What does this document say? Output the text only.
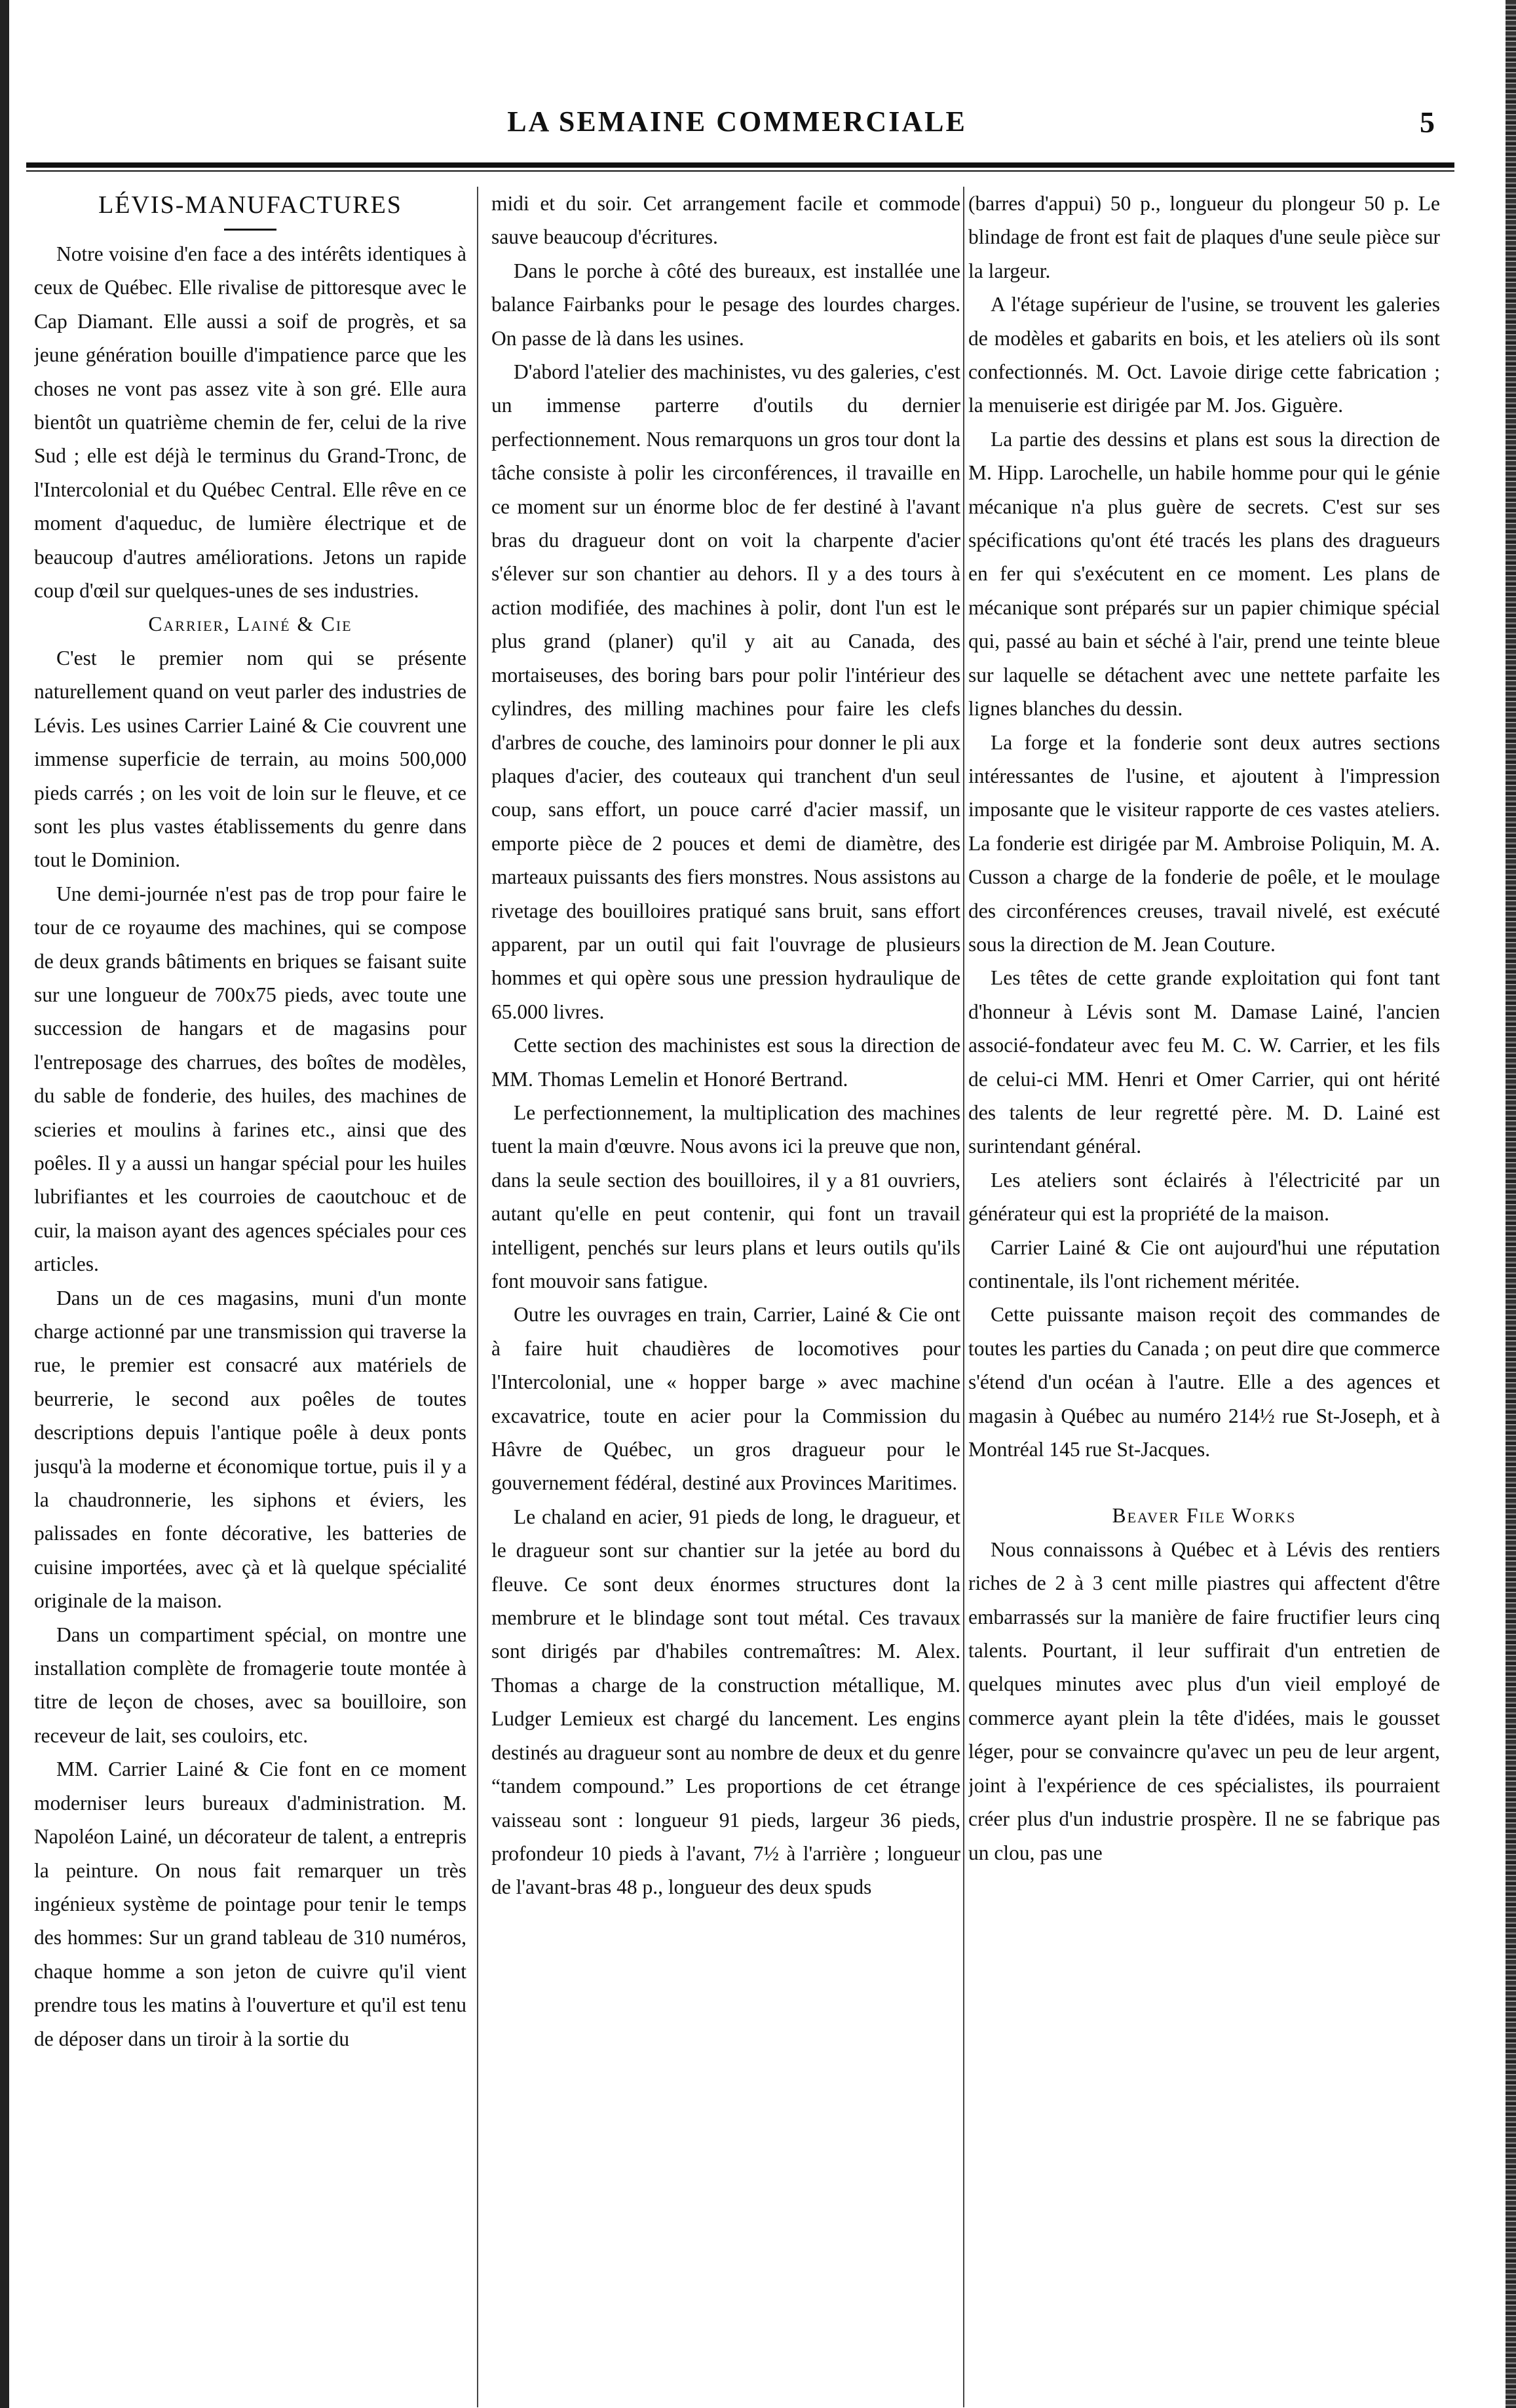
LA SEMAINE COMMERCIALE	5
LÉVIS-MANUFACTURES

Notre voisine d'en face a des intérêts identiques à ceux de Québec. Elle rivalise de pittoresque avec le Cap Diamant. Elle aussi a soif de progrès, et sa jeune génération bouille d'impatience parce que les choses ne vont pas assez vite à son gré. Elle aura bientôt un quatrième chemin de fer, celui de la rive Sud ; elle est déjà le terminus du Grand-Tronc, de l'Intercolonial et du Québec Central. Elle rêve en ce moment d'aqueduc, de lumière électrique et de beaucoup d'autres améliorations. Jetons un rapide coup d'œil sur quelques-unes de ses industries.

Carrier, Lainé & Cie

C'est le premier nom qui se présente naturellement quand on veut parler des industries de Lévis. Les usines Carrier Lainé & Cie couvrent une immense superficie de terrain, au moins 500,000 pieds carrés ; on les voit de loin sur le fleuve, et ce sont les plus vastes établissements du genre dans tout le Dominion.

Une demi-journée n'est pas de trop pour faire le tour de ce royaume des machines, qui se compose de deux grands bâtiments en briques se faisant suite sur une longueur de 700x75 pieds, avec toute une succession de hangars et de magasins pour l'entreposage des charrues, des boîtes de modèles, du sable de fonderie, des huiles, des machines de scieries et moulins à farines etc., ainsi que des poêles. Il y a aussi un hangar spécial pour les huiles lubrifiantes et les courroies de caoutchouc et de cuir, la maison ayant des agences spéciales pour ces articles.

Dans un de ces magasins, muni d'un monte charge actionné par une transmission qui traverse la rue, le premier est consacré aux matériels de beurrerie, le second aux poêles de toutes descriptions depuis l'antique poêle à deux ponts jusqu'à la moderne et économique tortue, puis il y a la chaudronnerie, les siphons et éviers, les palissades en fonte décorative, les batteries de cuisine importées, avec çà et là quelque spécialité originale de la maison.

Dans un compartiment spécial, on montre une installation complète de fromagerie toute montée à titre de leçon de choses, avec sa bouilloire, son receveur de lait, ses couloirs, etc.

MM. Carrier Lainé & Cie font en ce moment moderniser leurs bureaux d'administration. M. Napoléon Lainé, un décorateur de talent, a entrepris la peinture. On nous fait remarquer un très ingénieux système de pointage pour tenir le temps des hommes: Sur un grand tableau de 310 numéros, chaque homme a son jeton de cuivre qu'il vient prendre tous les matins à l'ouverture et qu'il est tenu de déposer dans un tiroir à la sortie du

midi et du soir. Cet arrangement facile et commode sauve beaucoup d'écritures.

Dans le porche à côté des bureaux, est installée une balance Fairbanks pour le pesage des lourdes charges. On passe de là dans les usines.

D'abord l'atelier des machinistes, vu des galeries, c'est un immense parterre d'outils du dernier perfectionnement. Nous remarquons un gros tour dont la tâche consiste à polir les circonférences, il travaille en ce moment sur un énorme bloc de fer destiné à l'avant bras du dragueur dont on voit la charpente d'acier s'élever sur son chantier au dehors. Il y a des tours à action modifiée, des machines à polir, dont l'un est le plus grand (planer) qu'il y ait au Canada, des mortaiseuses, des boring bars pour polir l'intérieur des cylindres, des milling machines pour faire les clefs d'arbres de couche, des laminoirs pour donner le pli aux plaques d'acier, des couteaux qui tranchent d'un seul coup, sans effort, un pouce carré d'acier massif, un emporte pièce de 2 pouces et demi de diamètre, des marteaux puissants des fiers monstres. Nous assistons au rivetage des bouilloires pratiqué sans bruit, sans effort apparent, par un outil qui fait l'ouvrage de plusieurs hommes et qui opère sous une pression hydraulique de 65.000 livres.

Cette section des machinistes est sous la direction de MM. Thomas Lemelin et Honoré Bertrand.

Le perfectionnement, la multiplication des machines tuent la main d'œuvre. Nous avons ici la preuve que non, dans la seule section des bouilloires, il y a 81 ouvriers, autant qu'elle en peut contenir, qui font un travail intelligent, penchés sur leurs plans et leurs outils qu'ils font mouvoir sans fatigue.

Outre les ouvrages en train, Carrier, Lainé & Cie ont à faire huit chaudières de locomotives pour l'Intercolonial, une « hopper barge » avec machine excavatrice, toute en acier pour la Commission du Hâvre de Québec, un gros dragueur pour le gouvernement fédéral, destiné aux Provinces Maritimes.

Le chaland en acier, 91 pieds de long, le dragueur, et le dragueur sont sur chantier sur la jetée au bord du fleuve. Ce sont deux énormes structures dont la membrure et le blindage sont tout métal. Ces travaux sont dirigés par d'habiles contremaîtres: M. Alex. Thomas a charge de la construction métallique, M. Ludger Lemieux est chargé du lancement. Les engins destinés au dragueur sont au nombre de deux et du genre “tandem compound.” Les proportions de cet étrange vaisseau sont : longueur 91 pieds, largeur 36 pieds, profondeur 10 pieds à l'avant, 7½ à l'arrière ; longueur de l'avant-bras 48 p., longueur des deux spuds

(barres d'appui) 50 p., longueur du plongeur 50 p. Le blindage de front est fait de plaques d'une seule pièce sur la largeur.

A l'étage supérieur de l'usine, se trouvent les galeries de modèles et gabarits en bois, et les ateliers où ils sont confectionnés. M. Oct. Lavoie dirige cette fabrication ; la menuiserie est dirigée par M. Jos. Giguère.

La partie des dessins et plans est sous la direction de M. Hipp. Larochelle, un habile homme pour qui le génie mécanique n'a plus guère de secrets. C'est sur ses spécifications qu'ont été tracés les plans des dragueurs en fer qui s'exécutent en ce moment. Les plans de mécanique sont préparés sur un papier chimique spécial qui, passé au bain et séché à l'air, prend une teinte bleue sur laquelle se détachent avec une nettete parfaite les lignes blanches du dessin.

La forge et la fonderie sont deux autres sections intéressantes de l'usine, et ajoutent à l'impression imposante que le visiteur rapporte de ces vastes ateliers. La fonderie est dirigée par M. Ambroise Poliquin, M. A. Cusson a charge de la fonderie de poêle, et le moulage des circonférences creuses, travail nivelé, est exécuté sous la direction de M. Jean Couture.

Les têtes de cette grande exploitation qui font tant d'honneur à Lévis sont M. Damase Lainé, l'ancien associé-fondateur avec feu M. C. W. Carrier, et les fils de celui-ci MM. Henri et Omer Carrier, qui ont hérité des talents de leur regretté père. M. D. Lainé est surintendant général.

Les ateliers sont éclairés à l'électricité par un générateur qui est la propriété de la maison.

Carrier Lainé & Cie ont aujourd'hui une réputation continentale, ils l'ont richement méritée.

Cette puissante maison reçoit des commandes de toutes les parties du Canada ; on peut dire que commerce s'étend d'un océan à l'autre. Elle a des agences et magasin à Québec au numéro 214½ rue St-Joseph, et à Montréal 145 rue St-Jacques.

Beaver File Works

Nous connaissons à Québec et à Lévis des rentiers riches de 2 à 3 cent mille piastres qui affectent d'être embarrassés sur la manière de faire fructifier leurs cinq talents. Pourtant, il leur suffirait d'un entretien de quelques minutes avec plus d'un vieil employé de commerce ayant plein la tête d'idées, mais le gousset léger, pour se convaincre qu'avec un peu de leur argent, joint à l'expérience de ces spécialistes, ils pourraient créer plus d'un industrie prospère. Il ne se fabrique pas un clou, pas une
